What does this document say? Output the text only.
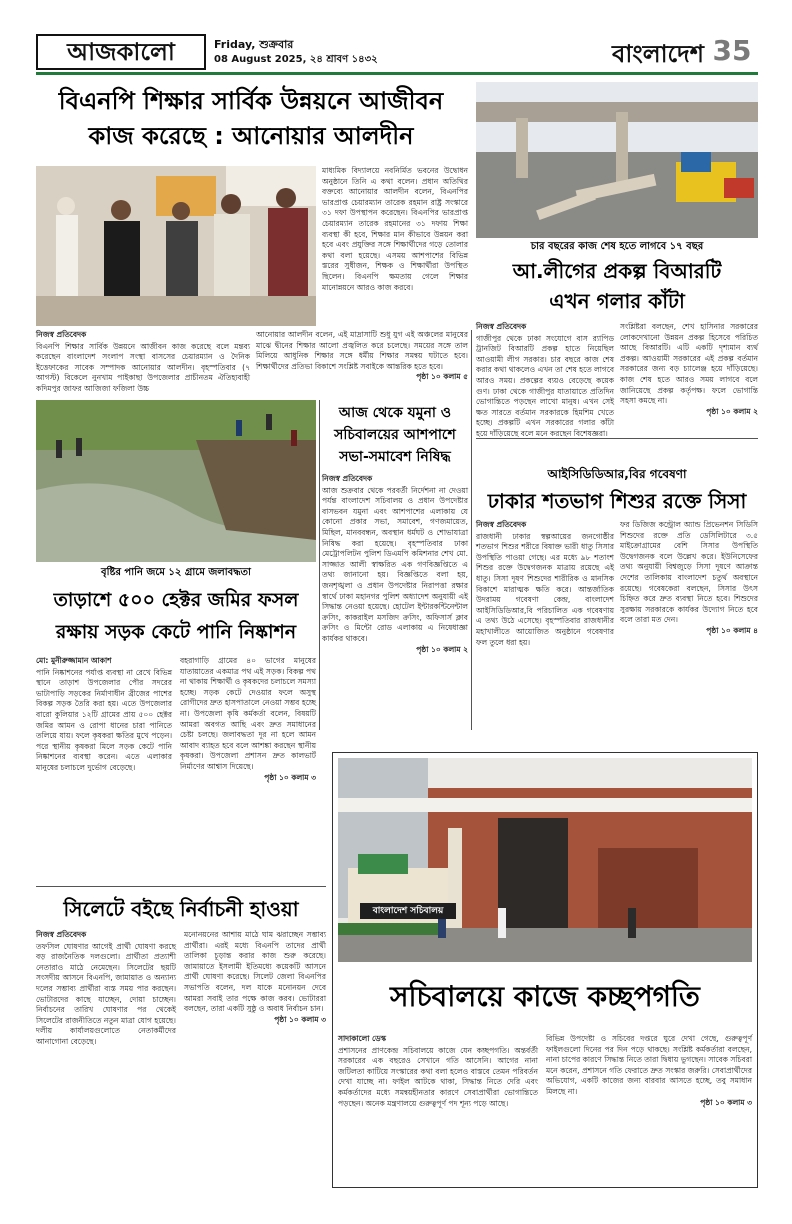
আজকালো	Friday, শুক্রবার
08 August 2025, ২৪ শ্রাবণ ১৪৩২	বাংলাদেশ 35
বিএনপি শিক্ষার সার্বিক উন্নয়নে আজীবন
কাজ করেছে : আনোয়ার আলদীন
মাধ্যমিক বিদ্যালয়ে নবনির্মিত ভবনের উদ্বোধন অনুষ্ঠানে তিনি এ কথা বলেন। প্রধান অতিথির বক্তব্যে আনোয়ার আলদীন বলেন, বিএনপির ভারপ্রাপ্ত চেয়ারম্যান তারেক রহমান রাষ্ট্র সংস্কারে ৩১ দফা উপস্থাপন করেছেন। বিএনপির ভারপ্রাপ্ত চেয়ারম্যান তারেক রহমানের ৩১ দফায় শিক্ষা ব্যবস্থা কী হবে, শিক্ষার মান কীভাবে উন্নয়ন করা হবে এবং প্রযুক্তির সঙ্গে শিক্ষার্থীদের গড়ে তোলার কথা বলা হয়েছে। এসময় আশপাশের বিভিন্ন স্তরের সুধীজন, শিক্ষক ও শিক্ষার্থীরা উপস্থিত ছিলেন। বিএনপি ক্ষমতায় গেলে শিক্ষার মানোন্নয়নে আরও কাজ করবে।
নিজস্ব প্রতিবেদক
বিএনপি শিক্ষার সার্বিক উন্নয়নে আজীবন কাজ করেছে বলে মন্তব্য করেছেন বাংলাদেশ সংলাপ সংস্থা বাসসের চেয়ারম্যান ও দৈনিক ইত্তেফাকের সাবেক সম্পাদক আনোয়ার আলদীন। বৃহস্পতিবার (৭ আগস্ট) বিকেলে নুনখাম পাইকাছা উপজেলার প্রাচীনতম ঐতিহ্যবাহী কদিমপুর জাফর আজিজা ফজিলা উচ্চ
আনোয়ার আলদীন বলেন, এই মাদ্রাসাটি শুধু যুগ এই অঞ্চলের মানুষের মাঝে দ্বীনের শিক্ষার আলো প্রজ্বলিত করে চলেছে। সময়ের সঙ্গে তাল মিলিয়ে আধুনিক শিক্ষার সঙ্গে ধর্মীয় শিক্ষার সমন্বয় ঘটাতে হবে। শিক্ষার্থীদের প্রতিভা বিকাশে সংশ্লিষ্ট সবাইকে আন্তরিক হতে হবে।
পৃষ্ঠা ১০ কলাম ৫
চার বছরের কাজ শেষ হতে লাগবে ১৭ বছর
আ.লীগের প্রকল্প বিআরটি
এখন গলার কাঁটা
নিজস্ব প্রতিবেদক
গাজীপুর থেকে ঢাকা সংযোগে বাস র‍্যাপিড ট্রানজিট বিআরটি প্রকল্প হাতে নিয়েছিল আওয়ামী লীগ সরকার। চার বছরে কাজ শেষ করার কথা থাকলেও এখন তা শেষ হতে লাগবে আরও সময়। প্রকল্পের ব্যয়ও বেড়েছে কয়েক গুণ। ঢাকা থেকে গাজীপুর যাতায়াতে প্রতিদিন ভোগান্তিতে পড়ছেন লাখো মানুষ। এখন সেই ক্ষত সারতে বর্তমান সরকারকে হিমশিম খেতে হচ্ছে। প্রকল্পটি এখন সরকারের গলার কাঁটা হয়ে দাঁড়িয়েছে বলে মনে করছেন বিশেষজ্ঞরা।
সংশ্লিষ্টরা বলছেন, শেখ হাসিনার সরকারের লোকদেখানো উন্নয়ন প্রকল্প হিসেবে পরিচিত আছে বিআরটি। এটি একটি দৃশ্যমান ব্যর্থ প্রকল্প। আওয়ামী সরকারের এই প্রকল্প বর্তমান সরকারের জন্য বড় চ্যালেঞ্জ হয়ে দাঁড়িয়েছে। কাজ শেষ হতে আরও সময় লাগবে বলে জানিয়েছে প্রকল্প কর্তৃপক্ষ। ফলে ভোগান্তি সহসা কমছে না।
পৃষ্ঠা ১০ কলাম ২
বৃষ্টির পানি জমে ১২ গ্রামে জলাবদ্ধতা
আজ থেকে যমুনা ও
সচিবালয়ের আশপাশে
সভা-সমাবেশ নিষিদ্ধ
নিজস্ব প্রতিবেদক
আজ শুক্রবার থেকে পরবর্তী নির্দেশনা না দেওয়া পর্যন্ত বাংলাদেশ সচিবালয় ও প্রধান উপদেষ্টার বাসভবন যমুনা এবং আশপাশের এলাকায় যে কোনো প্রকার সভা, সমাবেশ, গণজমায়েত, মিছিল, মানববন্ধন, অবস্থান ধর্মঘট ও শোভাযাত্রা নিষিদ্ধ করা হয়েছে। বৃহস্পতিবার ঢাকা মেট্রোপলিটন পুলিশ ডিএমপি কমিশনার শেখ মো. সাজ্জাত আলী স্বাক্ষরিত এক গণবিজ্ঞপ্তিতে এ তথ্য জানানো হয়। বিজ্ঞপ্তিতে বলা হয়, জনশৃঙ্খলা ও প্রধান উপদেষ্টার নিরাপত্তা রক্ষার স্বার্থে ঢাকা মহানগর পুলিশ অধ্যাদেশ অনুযায়ী এই সিদ্ধান্ত নেওয়া হয়েছে। হোটেল ইন্টারকন্টিনেন্টাল ক্রসিং, কাকরাইল মসজিদ ক্রসিং, অফিসার্স ক্লাব ক্রসিং ও মিন্টো রোড এলাকায় এ নিষেধাজ্ঞা কার্যকর থাকবে।
পৃষ্ঠা ১০ কলাম ২
আইসিডিডিআর,বির গবেষণা
ঢাকার শতভাগ শিশুর রক্তে সিসা
নিজস্ব প্রতিবেদক
রাজধানী ঢাকার স্বল্পআয়ের জনগোষ্ঠীর শতভাগ শিশুর শরীরে বিষাক্ত ভারী ধাতু সিসার উপস্থিতি পাওয়া গেছে। এর মধ্যে ৯৮ শতাংশ শিশুর রক্তে উদ্বেগজনক মাত্রায় রয়েছে এই ধাতু। সিসা দূষণ শিশুদের শারীরিক ও মানসিক বিকাশে মারাত্মক ক্ষতি করে। আন্তর্জাতিক উদরাময় গবেষণা কেন্দ্র, বাংলাদেশ আইসিডিডিআর,বি পরিচালিত এক গবেষণায় এ তথ্য উঠে এসেছে। বৃহস্পতিবার রাজধানীর মহাখালীতে আয়োজিত অনুষ্ঠানে গবেষণার ফল তুলে ধরা হয়।
ফর ডিজিজ কন্ট্রোল অ্যান্ড প্রিভেনশন সিডিসি শিশুদের রক্তে প্রতি ডেসিলিটারে ৩.৫ মাইক্রোগ্রামের বেশি সিসার উপস্থিতি উদ্বেগজনক বলে উল্লেখ করে। ইউনিসেফের তথ্য অনুযায়ী বিশ্বজুড়ে সিসা দূষণে আক্রান্ত দেশের তালিকায় বাংলাদেশ চতুর্থ অবস্থানে রয়েছে। গবেষকেরা বলছেন, সিসার উৎস চিহ্নিত করে দ্রুত ব্যবস্থা নিতে হবে। শিশুদের সুরক্ষায় সরকারকে কার্যকর উদ্যোগ নিতে হবে বলে তারা মত দেন।
পৃষ্ঠা ১০ কলাম ৪
তাড়াশে ৫০০ হেক্টর জমির ফসল
রক্ষায় সড়ক কেটে পানি নিষ্কাশন
মো: মুনীরুজ্জামান আকাশ
পানি নিষ্কাশনের পর্যাপ্ত ব্যবস্থা না রেখে বিভিন্ন স্থানে তাড়াশ উপজেলার পৌর সদরের ভাটাপাড়ি সড়কের নির্মাণাধীন ব্রীজের পাশের বিকল্প সড়ক তৈরি করা হয়। এতে উপজেলার বারো কুলিয়ার ১২টি গ্রামের প্রায় ৫০০ হেক্টর জমির আমন ও রোপা ধানের চারা পানিতে তলিয়ে যায়। ফলে কৃষকরা ক্ষতির মুখে পড়েন। পরে স্থানীয় কৃষকরা মিলে সড়ক কেটে পানি নিষ্কাশনের ব্যবস্থা করেন। এতে এলাকার মানুষের চলাচলে দুর্ভোগ বেড়েছে।
বহরাগাড়ি গ্রামের ৪০ ভাগের মানুষের যাতায়াতের একমাত্র পথ এই সড়ক। বিকল্প পথ না থাকায় শিক্ষার্থী ও কৃষকদের চলাচলে সমস্যা হচ্ছে। সড়ক কেটে দেওয়ার ফলে অসুস্থ রোগীদের দ্রুত হাসপাতালে নেওয়া সম্ভব হচ্ছে না। উপজেলা কৃষি কর্মকর্তা বলেন, বিষয়টি আমরা অবগত আছি এবং দ্রুত সমাধানের চেষ্টা চলছে। জলাবদ্ধতা দূর না হলে আমন আবাদ ব্যাহত হবে বলে আশঙ্কা করছেন স্থানীয় কৃষকরা। উপজেলা প্রশাসন দ্রুত কালভার্ট নির্মাণের আশ্বাস দিয়েছে।
পৃষ্ঠা ১০ কলাম ৩
সিলেটে বইছে নির্বাচনী হাওয়া
নিজস্ব প্রতিবেদক
তফসিল ঘোষণার আগেই প্রার্থী ঘোষণা করছে বড় রাজনৈতিক দলগুলো। প্রার্থীতা প্রত্যাশী নেতারাও মাঠে নেমেছেন। সিলেটের ছয়টি সংসদীয় আসনে বিএনপি, জামায়াত ও অন্যান্য দলের সম্ভাব্য প্রার্থীরা ব্যস্ত সময় পার করছেন। ভোটারদের কাছে যাচ্ছেন, দোয়া চাচ্ছেন। নির্বাচনের তারিখ ঘোষণার পর থেকেই সিলেটের রাজনীতিতে নতুন মাত্রা যোগ হয়েছে। দলীয় কার্যালয়গুলোতে নেতাকর্মীদের আনাগোনা বেড়েছে।
মনোনয়নের আশায় মাঠে ঘাম ঝরাচ্ছেন সম্ভাব্য প্রার্থীরা। এরই মধ্যে বিএনপি তাদের প্রার্থী তালিকা চূড়ান্ত করার কাজ শুরু করেছে। জামায়াতে ইসলামী ইতিমধ্যে কয়েকটি আসনে প্রার্থী ঘোষণা করেছে। সিলেট জেলা বিএনপির সভাপতি বলেন, দল যাকে মনোনয়ন দেবে আমরা সবাই তার পক্ষে কাজ করব। ভোটাররা বলছেন, তারা একটি সুষ্ঠু ও অবাধ নির্বাচন চান।
পৃষ্ঠা ১০ কলাম ৩
বাংলাদেশ সচিবালয়
সচিবালয়ে কাজে কচ্ছপগতি
সাদাকালো ডেস্ক
প্রশাসনের প্রাণকেন্দ্র সচিবালয়ে কাজে যেন কচ্ছপগতি। অন্তর্বর্তী সরকারের এক বছরেও সেখানে গতি আসেনি। আগের নানা জটিলতা কাটিয়ে সংস্কারের কথা বলা হলেও বাস্তবে তেমন পরিবর্তন দেখা যাচ্ছে না। ফাইল আটকে থাকা, সিদ্ধান্ত নিতে দেরি এবং কর্মকর্তাদের মধ্যে সমন্বয়হীনতার কারণে সেবাপ্রার্থীরা ভোগান্তিতে পড়ছেন। অনেক মন্ত্রণালয়ে গুরুত্বপূর্ণ পদ শূন্য পড়ে আছে।
বিভিন্ন উপদেষ্টা ও সচিবের দপ্তরে ঘুরে দেখা গেছে, গুরুত্বপূর্ণ ফাইলগুলো দিনের পর দিন পড়ে থাকছে। সংশ্লিষ্ট কর্মকর্তারা বলছেন, নানা চাপের কারণে সিদ্ধান্ত নিতে তারা দ্বিধায় ভুগছেন। সাবেক সচিবরা মনে করেন, প্রশাসনে গতি ফেরাতে দ্রুত সংস্কার জরুরি। সেবাপ্রার্থীদের অভিযোগ, একটি কাজের জন্য বারবার আসতে হচ্ছে, তবু সমাধান মিলছে না।
পৃষ্ঠা ১০ কলাম ৩
